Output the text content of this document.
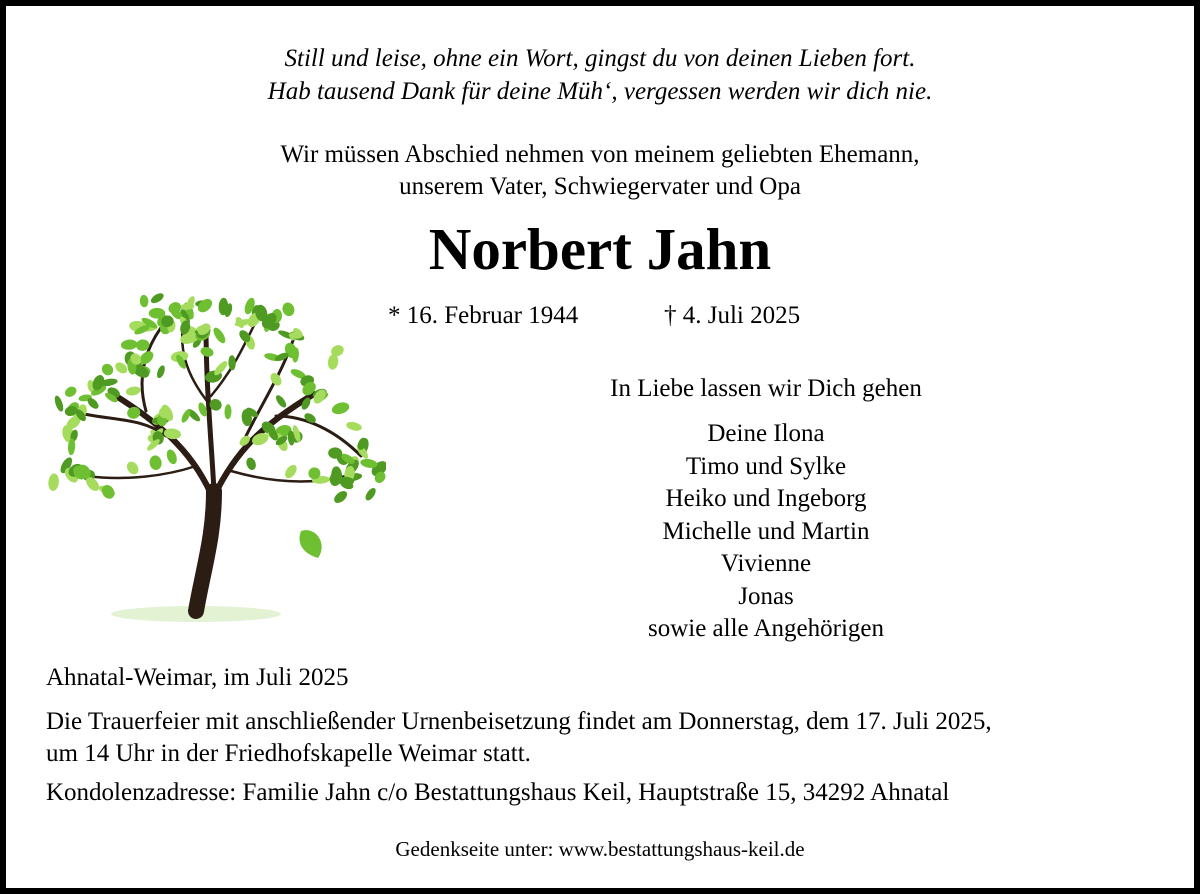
Still und leise, ohne ein Wort, gingst du von deinen Lieben fort.
Hab tausend Dank für deine Müh‘, vergessen werden wir dich nie.
Wir müssen Abschied nehmen von meinem geliebten Ehemann,
unserem Vater, Schwiegervater und Opa
Norbert Jahn
* 16. Februar 1944	† 4. Juli 2025
In Liebe lassen wir Dich gehen
Deine Ilona
Timo und Sylke
Heiko und Ingeborg
Michelle und Martin
Vivienne
Jonas
sowie alle Angehörigen
Ahnatal-Weimar, im Juli 2025
Die Trauerfeier mit anschließender Urnenbeisetzung findet am Donnerstag, dem 17. Juli 2025,
um 14 Uhr in der Friedhofskapelle Weimar statt.
Kondolenzadresse: Familie Jahn c/o Bestattungshaus Keil, Hauptstraße 15, 34292 Ahnatal
Gedenkseite unter: www.bestattungshaus-keil.de
